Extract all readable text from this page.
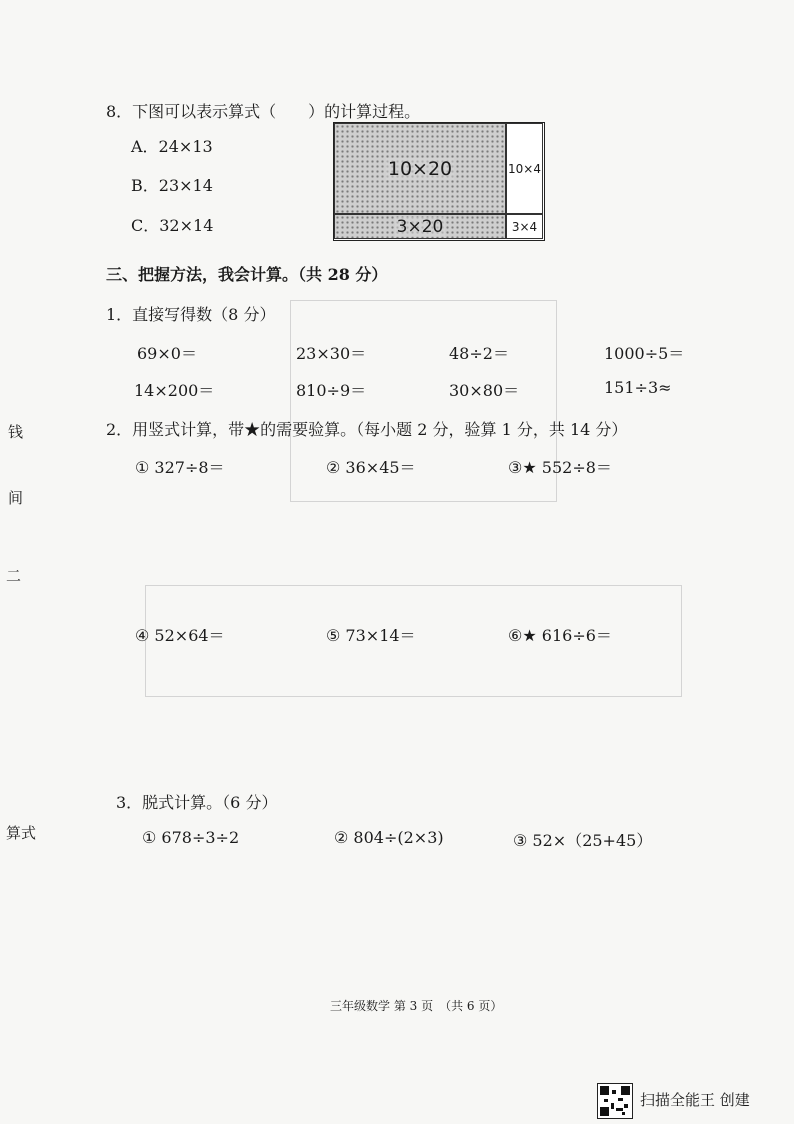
8．下图可以表示算式（　　）的计算过程。
A．24×13
B．23×14
C．32×14
10×20	10×4
3×20	3×4
三、把握方法，我会计算。（共 28 分）
1．直接写得数（8 分）
69×0＝	23×30＝	48÷2＝	1000÷5＝
14×200＝	810÷9＝	30×80＝	151÷3≈
2．用竖式计算，带★的需要验算。（每小题 2 分，验算 1 分，共 14 分）
① 327÷8＝	② 36×45＝	③★ 552÷8＝
④ 52×64＝	⑤ 73×14＝	⑥★ 616÷6＝
3．脱式计算。（6 分）
① 678÷3÷2	② 804÷(2×3)	③ 52×（25+45）
钱
间
二
算式
三年级数学 第 3 页　（共 6 页）
扫描全能王 创建
